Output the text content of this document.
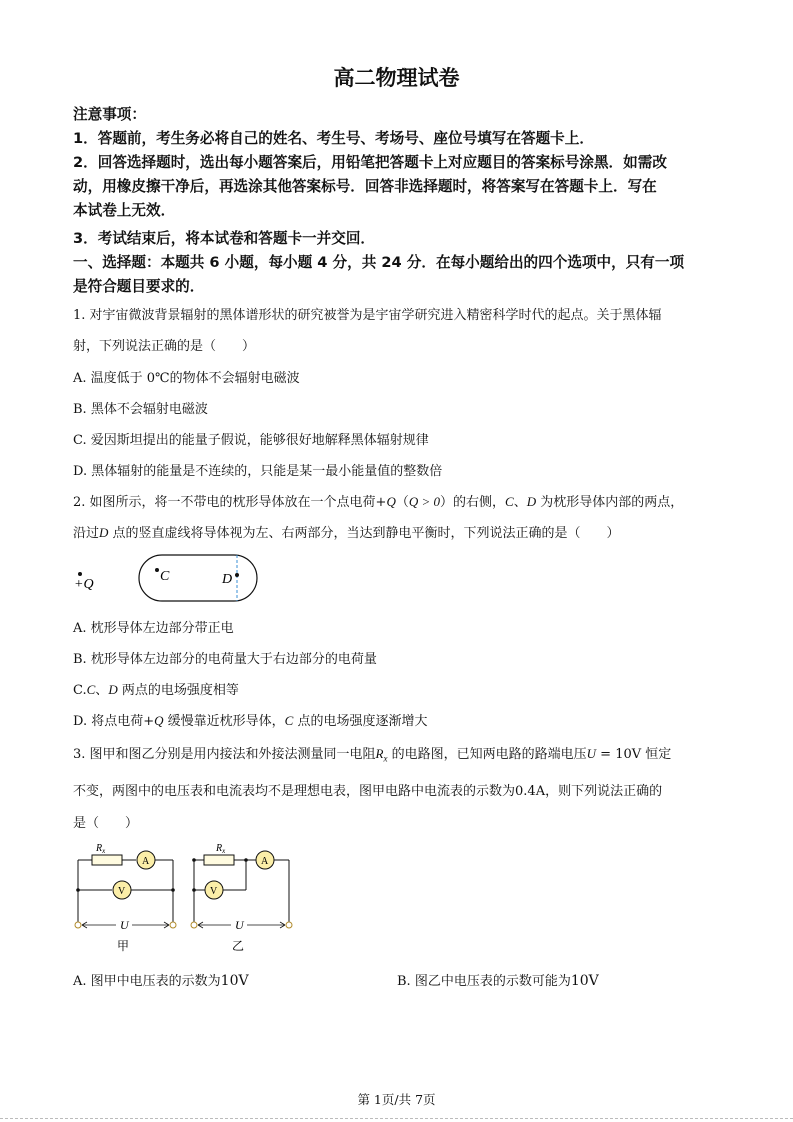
高二物理试卷
注意事项：
1．答题前，考生务必将自己的姓名、考生号、考场号、座位号填写在答题卡上．
2．回答选择题时，选出每小题答案后，用铅笔把答题卡上对应题目的答案标号涂黑．如需改
动，用橡皮擦干净后，再选涂其他答案标号．回答非选择题时，将答案写在答题卡上．写在
本试卷上无效．
3．考试结束后，将本试卷和答题卡一并交回．
一、选择题：本题共 6 小题，每小题 4 分，共 24 分．在每小题给出的四个选项中，只有一项
是符合题目要求的．
1. 对宇宙微波背景辐射的黑体谱形状的研究被誉为是宇宙学研究进入精密科学时代的起点。关于黑体辐
射，下列说法正确的是（　　）
A. 温度低于 0℃的物体不会辐射电磁波
B. 黑体不会辐射电磁波
C. 爱因斯坦提出的能量子假说，能够很好地解释黑体辐射规律
D. 黑体辐射的能量是不连续的，只能是某一最小能量值的整数倍
2. 如图所示，将一不带电的枕形导体放在一个点电荷+Q（Q > 0）的右侧，C、D 为枕形导体内部的两点，
沿过D 点的竖直虚线将导体视为左、右两部分，当达到静电平衡时，下列说法正确的是（　　）
+Q
C	D
A. 枕形导体左边部分带正电
B. 枕形导体左边部分的电荷量大于右边部分的电荷量
C.C、D 两点的电场强度相等
D. 将点电荷+Q 缓慢靠近枕形导体，C 点的电场强度逐渐增大
3. 图甲和图乙分别是用内接法和外接法测量同一电阻$R_x$ 的电路图，已知两电路的路端电压U = 10V 恒定
不变，两图中的电压表和电流表均不是理想电表，图甲电路中电流表的示数为0.4A，则下列说法正确的
是（　　）
$R_x$
A
V
U
甲
$R_x$
A
V
U
乙
A. 图甲中电压表的示数为10V	B. 图乙中电压表的示数可能为10V
第 1页/共 7页
